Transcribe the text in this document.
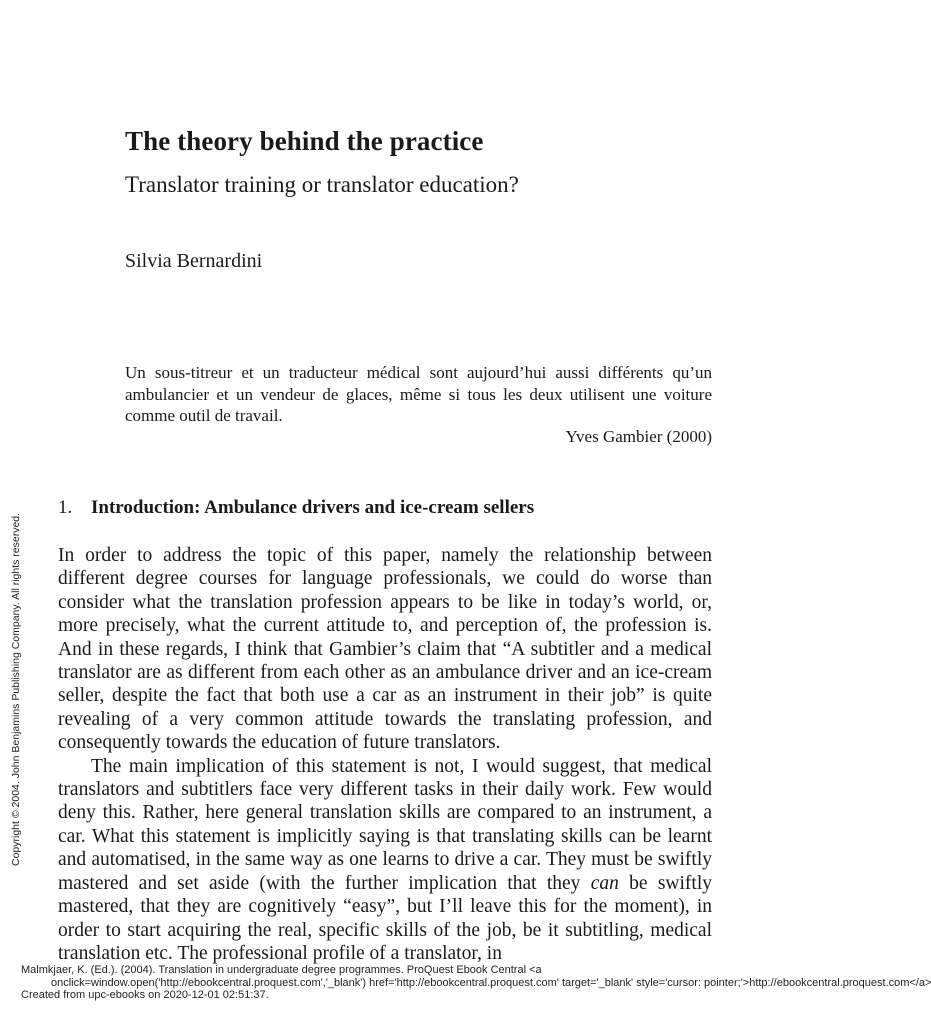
The theory behind the practice
Translator training or translator education?
Silvia Bernardini

Un sous-titreur et un traducteur médical sont aujourd’hui aussi différents qu’un ambulancier et un vendeur de glaces, même si tous les deux utilisent une voiture comme outil de travail.

Yves Gambier (2000)
1. Introduction: Ambulance drivers and ice-cream sellers

In order to address the topic of this paper, namely the relationship between different degree courses for language professionals, we could do worse than consider what the translation profession appears to be like in today’s world, or, more precisely, what the current attitude to, and perception of, the profession is. And in these regards, I think that Gambier’s claim that “A subtitler and a medical translator are as different from each other as an ambulance driver and an ice-cream seller, despite the fact that both use a car as an instrument in their job” is quite revealing of a very common attitude towards the translating profession, and consequently towards the education of future translators.

The main implication of this statement is not, I would suggest, that medical translators and subtitlers face very different tasks in their daily work. Few would deny this. Rather, here general translation skills are compared to an instrument, a car. What this statement is implicitly saying is that translating skills can be learnt and automatised, in the same way as one learns to drive a car. They must be swiftly mastered and set aside (with the further implication that they can be swiftly mastered, that they are cognitively “easy”, but I’ll leave this for the moment), in order to start acquiring the real, specific skills of the job, be it subtitling, medical translation etc. The professional profile of a translator, in

Copyright © 2004. John Benjamins Publishing Company. All rights reserved.
Malmkjaer, K. (Ed.). (2004). Translation in undergraduate degree programmes. ProQuest Ebook Central <a
onclick=window.open('http://ebookcentral.proquest.com','_blank') href='http://ebookcentral.proquest.com' target='_blank' style='cursor: pointer;'>http://ebookcentral.proquest.com</a>
Created from upc-ebooks on 2020-12-01 02:51:37.
